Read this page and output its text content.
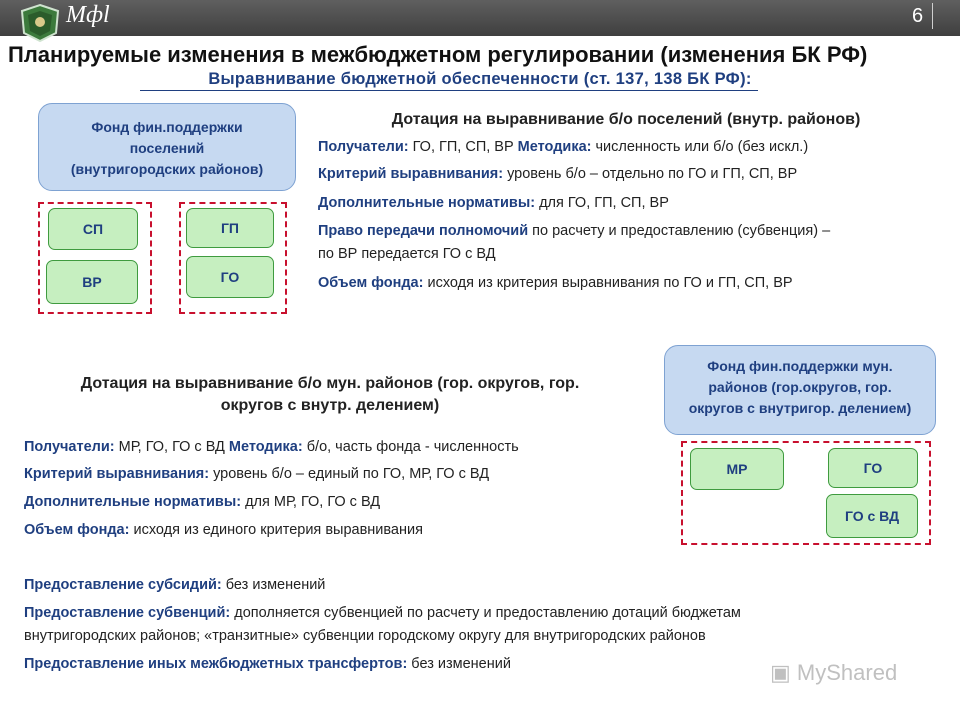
Мфl	6
Планируемые изменения в межбюджетном регулировании (изменения БК РФ)
Выравнивание бюджетной обеспеченности (ст. 137, 138 БК РФ):
Фонд фин.поддержки
поселений
(внутригородских районов)
СП
ВР
ГП
ГО
Дотация на выравнивание б/о поселений (внутр. районов)
Получатели: ГО, ГП, СП, ВР Методика: численность или б/о (без искл.)
Критерий выравнивания: уровень б/о – отдельно по ГО и ГП, СП, ВР
Дополнительные нормативы: для ГО, ГП, СП, ВР
Право передачи полномочий по расчету и предоставлению (субвенция) –
по ВР передается ГО с ВД
Объем фонда: исходя из критерия выравнивания по ГО и ГП, СП, ВР
Фонд фин.поддержки мун.
районов (гор.округов, гор.
округов с внутригор. делением)
МР	ГО
ГО с ВД
Дотация на выравнивание б/о мун. районов (гор. округов, гор.
округов с внутр. делением)
Получатели: МР, ГО, ГО с ВД Методика: б/о, часть фонда - численность
Критерий выравнивания: уровень б/о – единый по ГО, МР, ГО с ВД
Дополнительные нормативы: для МР, ГО, ГО с ВД
Объем фонда: исходя из единого критерия выравнивания
Предоставление субсидий: без изменений
Предоставление субвенций: дополняется субвенцией по расчету и предоставлению дотаций бюджетам
внутригородских районов; «транзитные» субвенции городскому округу для внутригородских районов
Предоставление иных межбюджетных трансфертов: без изменений	▣ MyShared
